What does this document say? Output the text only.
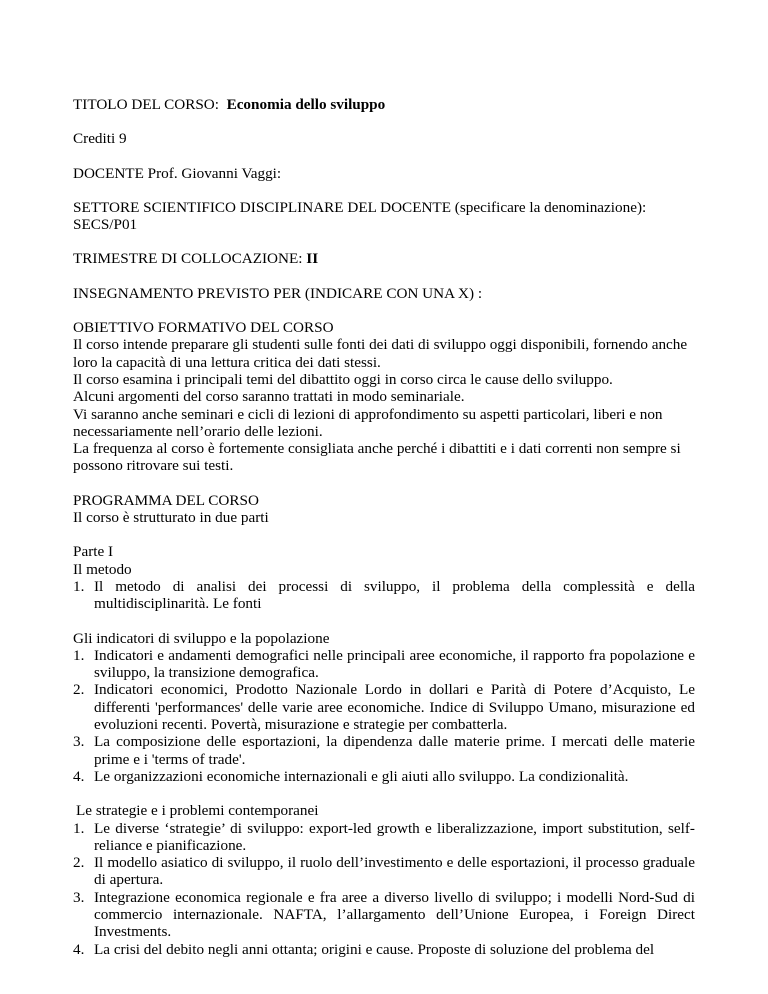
TITOLO DEL CORSO: Economia dello sviluppo
Crediti 9
DOCENTE Prof. Giovanni Vaggi:
SETTORE SCIENTIFICO DISCIPLINARE DEL DOCENTE (specificare la denominazione):
SECS/P01
TRIMESTRE DI COLLOCAZIONE: II
INSEGNAMENTO PREVISTO PER (INDICARE CON UNA X) :
OBIETTIVO FORMATIVO DEL CORSO
Il corso intende preparare gli studenti sulle fonti dei dati di sviluppo oggi disponibili, fornendo anche loro la capacità di una lettura critica dei dati stessi.
Il corso esamina i principali temi del dibattito oggi in corso circa le cause dello sviluppo.
Alcuni argomenti del corso saranno trattati in modo seminariale.
Vi saranno anche seminari e cicli di lezioni di approfondimento su aspetti particolari, liberi e non necessariamente nell’orario delle lezioni.
La frequenza al corso è fortemente consigliata anche perché i dibattiti e i dati correnti non sempre si possono ritrovare sui testi.
PROGRAMMA DEL CORSO
Il corso è strutturato in due parti
Parte I
Il metodo
1. Il metodo di analisi dei processi di sviluppo, il problema della complessità e della multidisciplinarità. Le fonti
Gli indicatori di sviluppo e la popolazione
1. Indicatori e andamenti demografici nelle principali aree economiche, il rapporto fra popolazione e sviluppo, la transizione demografica.
2. Indicatori economici, Prodotto Nazionale Lordo in dollari e Parità di Potere d’Acquisto, Le differenti 'performances' delle varie aree economiche. Indice di Sviluppo Umano, misurazione ed evoluzioni recenti. Povertà, misurazione e strategie per combatterla.
3. La composizione delle esportazioni, la dipendenza dalle materie prime. I mercati delle materie prime e i 'terms of trade'.
4. Le organizzazioni economiche internazionali e gli aiuti allo sviluppo. La condizionalità.
Le strategie e i problemi contemporanei
1. Le diverse ‘strategie’ di sviluppo: export-led growth e liberalizzazione, import substitution, self-reliance e pianificazione.
2. Il modello asiatico di sviluppo, il ruolo dell’investimento e delle esportazioni, il processo graduale di apertura.
3. Integrazione economica regionale e fra aree a diverso livello di sviluppo; i modelli Nord-Sud di commercio internazionale. NAFTA, l’allargamento dell’Unione Europea, i Foreign Direct Investments.
4. La crisi del debito negli anni ottanta; origini e cause. Proposte di soluzione del problema del
